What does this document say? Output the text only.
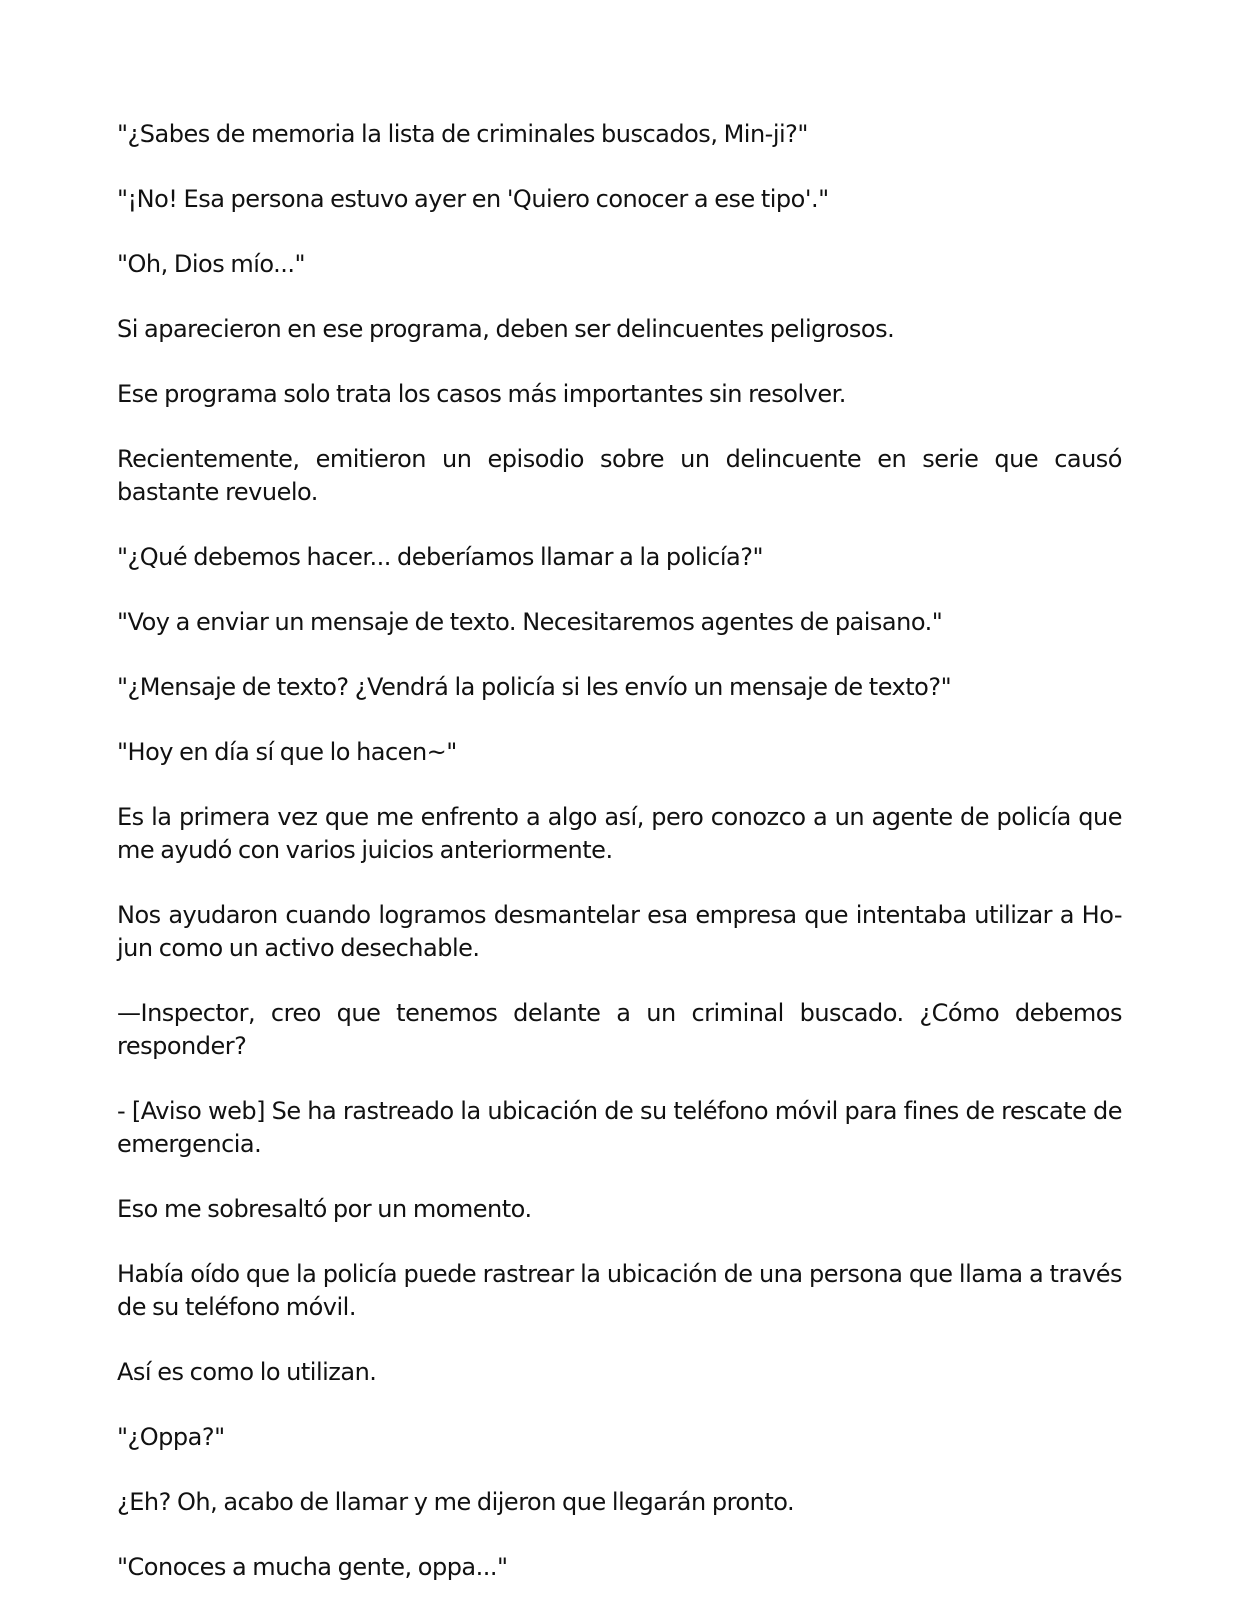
"¿Sabes de memoria la lista de criminales buscados, Min-ji?"

"¡No! Esa persona estuvo ayer en 'Quiero conocer a ese tipo'."

"Oh, Dios mío..."

Si aparecieron en ese programa, deben ser delincuentes peligrosos.

Ese programa solo trata los casos más importantes sin resolver.

Recientemente, emitieron un episodio sobre un delincuente en serie que causó bastante revuelo.

"¿Qué debemos hacer... deberíamos llamar a la policía?"

"Voy a enviar un mensaje de texto. Necesitaremos agentes de paisano."

"¿Mensaje de texto? ¿Vendrá la policía si les envío un mensaje de texto?"

"Hoy en día sí que lo hacen~"

Es la primera vez que me enfrento a algo así, pero conozco a un agente de policía que me ayudó con varios juicios anteriormente.

Nos ayudaron cuando logramos desmantelar esa empresa que intentaba utilizar a Ho-jun como un activo desechable.

—Inspector, creo que tenemos delante a un criminal buscado. ¿Cómo debemos responder?

- [Aviso web] Se ha rastreado la ubicación de su teléfono móvil para fines de rescate de emergencia.

Eso me sobresaltó por un momento.

Había oído que la policía puede rastrear la ubicación de una persona que llama a través de su teléfono móvil.

Así es como lo utilizan.

"¿Oppa?"

¿Eh? Oh, acabo de llamar y me dijeron que llegarán pronto.

"Conoces a mucha gente, oppa..."
